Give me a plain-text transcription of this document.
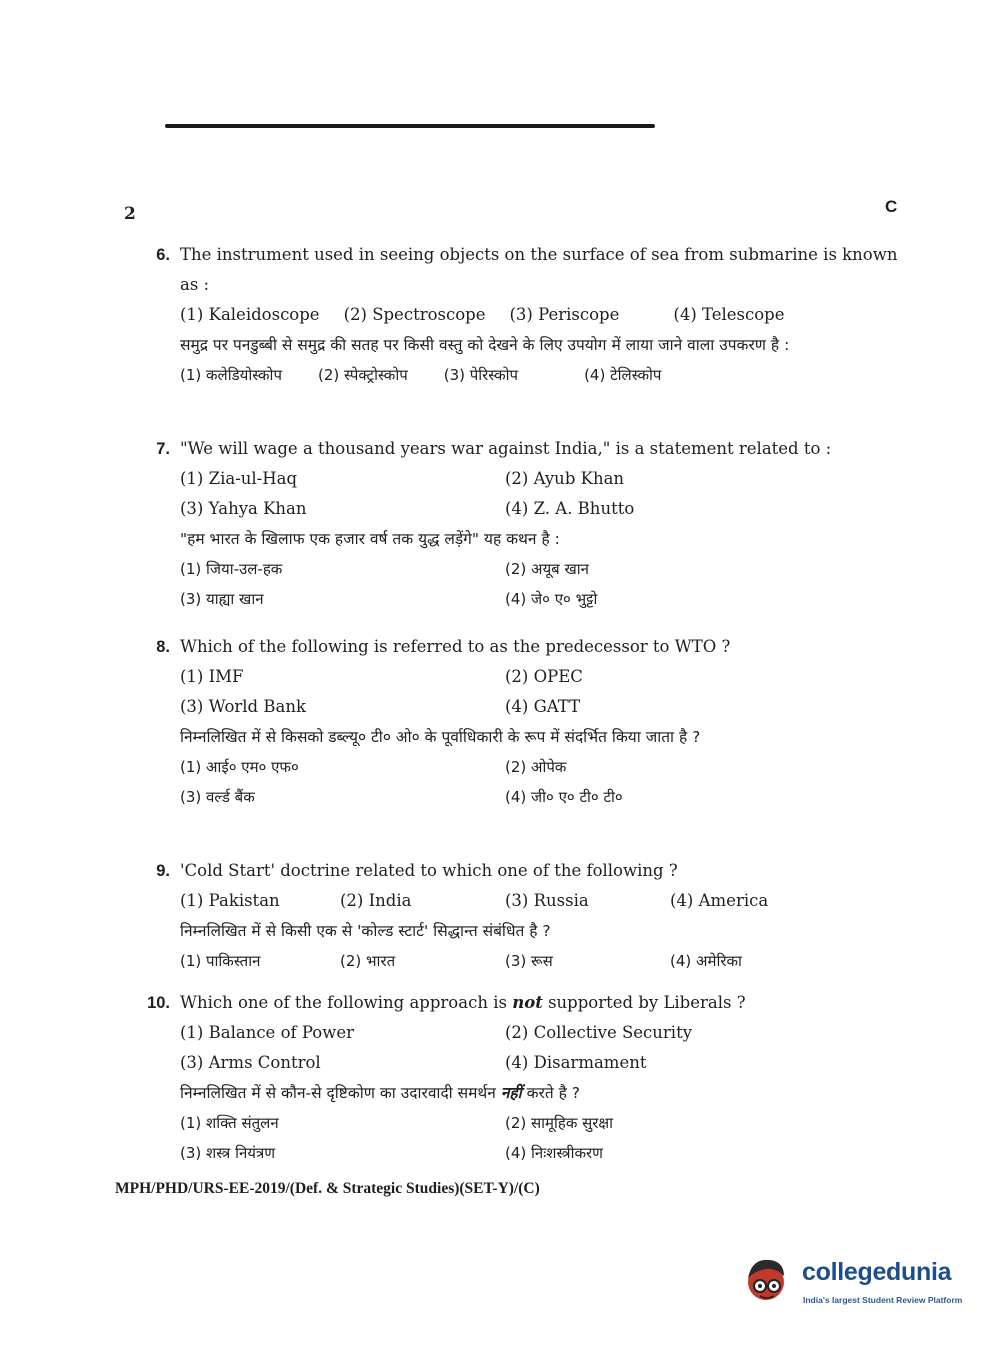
2	C
6. The instrument used in seeing objects on the surface of sea from submarine is known as :

(1) Kaleidoscope (2) Spectroscope (3) Periscope	(4) Telescope

समुद्र पर पनडुब्बी से समुद्र की सतह पर किसी वस्तु को देखने के लिए उपयोग में लाया जाने वाला उपकरण है :

(1) कलेडियोस्कोप (2) स्पेक्ट्रोस्कोप (3) पेरिस्कोप	(4) टेलिस्कोप
7. "We will wage a thousand years war against India," is a statement related to :

(1) Zia-ul-Haq	(2) Ayub Khan
(3) Yahya Khan	(4) Z. A. Bhutto

"हम भारत के खिलाफ एक हजार वर्ष तक युद्ध लड़ेंगे" यह कथन है :

(1) जिया-उल-हक	(2) अयूब खान
(3) याह्या खान	(4) जे० ए० भुट्टो
8. Which of the following is referred to as the predecessor to WTO ?

(1) IMF	(2) OPEC
(3) World Bank	(4) GATT

निम्नलिखित में से किसको डब्ल्यू० टी० ओ० के पूर्वाधिकारी के रूप में संदर्भित किया जाता है ?

(1) आई० एम० एफ०	(2) ओपेक
(3) वर्ल्ड बैंक	(4) जी० ए० टी० टी०
9. 'Cold Start' doctrine related to which one of the following ?

(1) Pakistan	(2) India	(3) Russia	(4) America

निम्नलिखित में से किसी एक से 'कोल्ड स्टार्ट' सिद्धान्त संबंधित है ?

(1) पाकिस्तान	(2) भारत	(3) रूस	(4) अमेरिका
10. Which one of the following approach is not supported by Liberals ?

(1) Balance of Power	(2) Collective Security
(3) Arms Control	(4) Disarmament

निम्नलिखित में से कौन-से दृष्टिकोण का उदारवादी समर्थन नहीं करते है ?

(1) शक्ति संतुलन	(2) सामूहिक सुरक्षा
(3) शस्त्र नियंत्रण	(4) निःशस्त्रीकरण
MPH/PHD/URS-EE-2019/(Def. & Strategic Studies)(SET-Y)/(C)
collegedunia
India's largest Student Review Platform
